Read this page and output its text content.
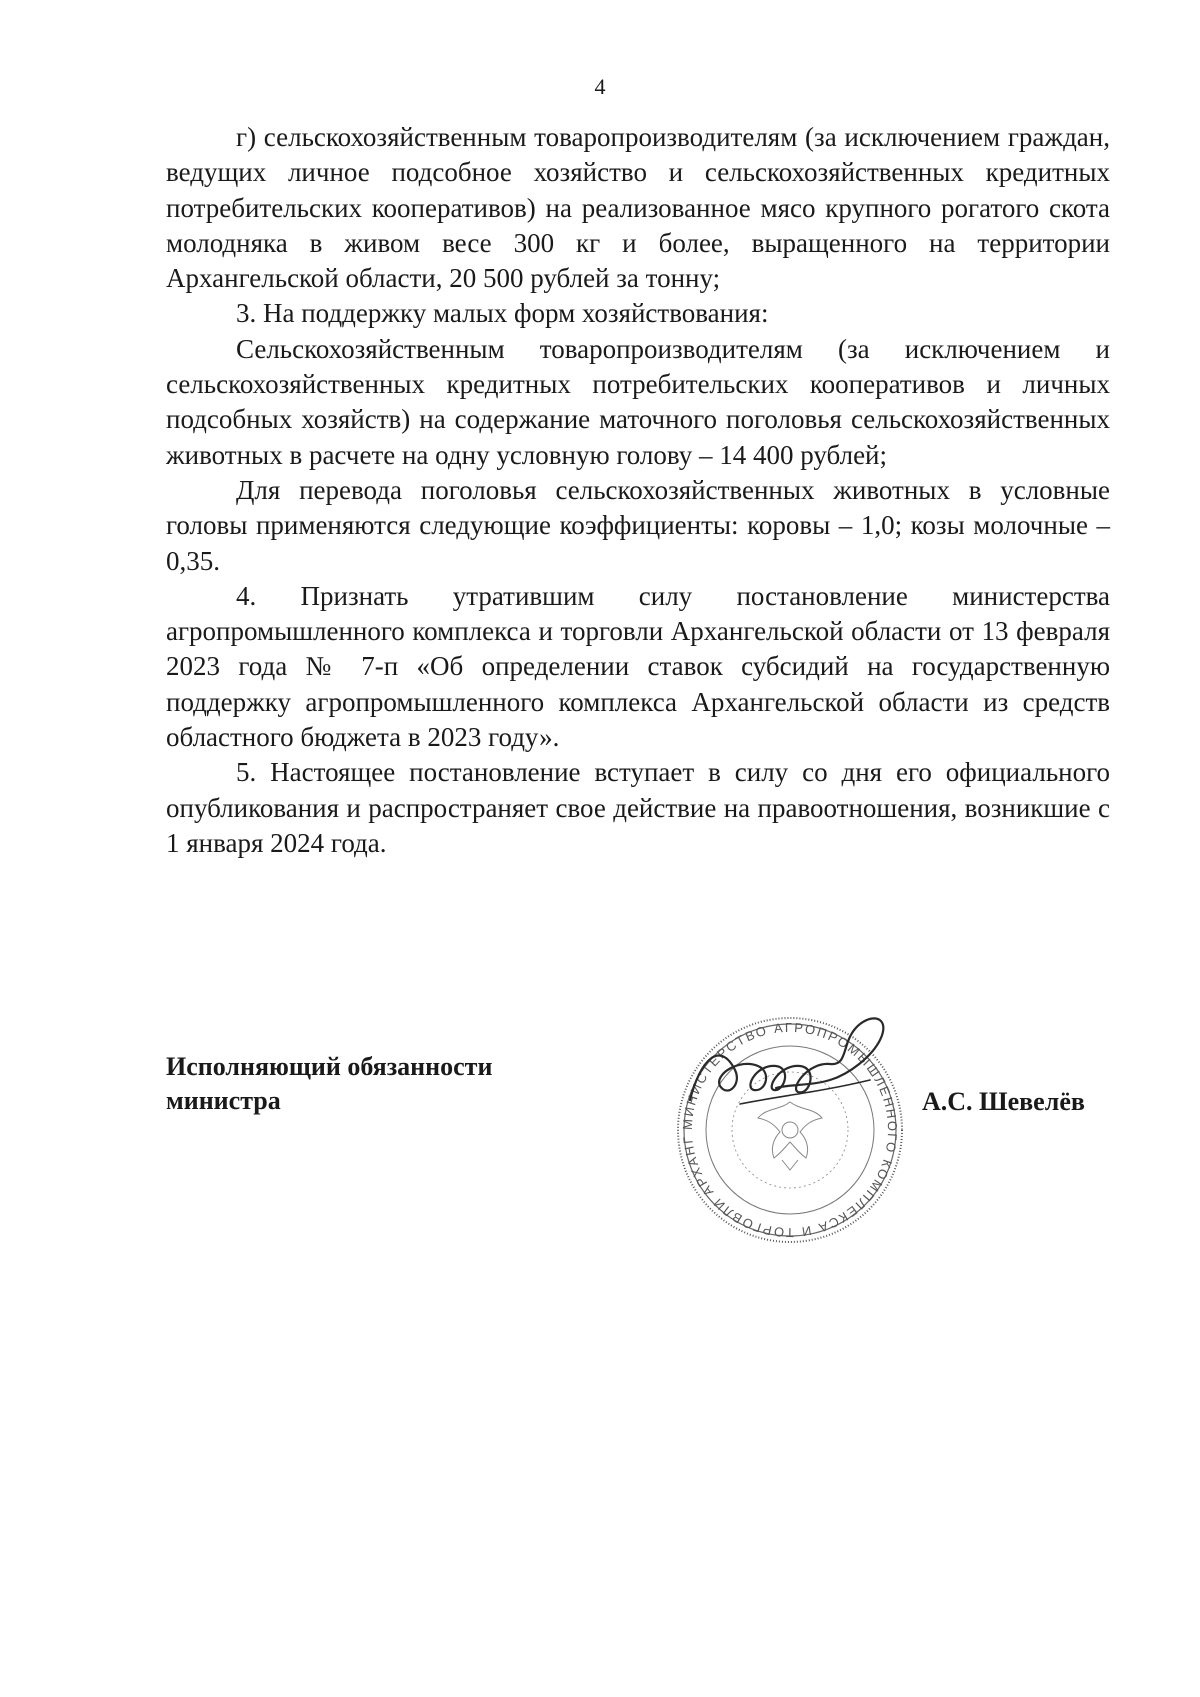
4

г) сельскохозяйственным товаропроизводителям (за исключением граждан, ведущих личное подсобное хозяйство и сельскохозяйственных кредитных потребительских кооперативов) на реализованное мясо крупного рогатого скота молодняка в живом весе 300 кг и более, выращенного на территории Архангельской области, 20 500 рублей за тонну;

3. На поддержку малых форм хозяйствования:

Сельскохозяйственным товаропроизводителям (за исключением и сельскохозяйственных кредитных потребительских кооперативов и личных подсобных хозяйств) на содержание маточного поголовья сельскохозяйственных животных в расчете на одну условную голову – 14 400 рублей;

Для перевода поголовья сельскохозяйственных животных в условные головы применяются следующие коэффициенты: коровы – 1,0; козы молочные – 0,35.

4. Признать утратившим силу постановление министерства агропромышленного комплекса и торговли Архангельской области от 13 февраля 2023 года № 7-п «Об определении ставок субсидий на государственную поддержку агропромышленного комплекса Архангельской области из средств областного бюджета в 2023 году».

5. Настоящее постановление вступает в силу со дня его официального опубликования и распространяет свое действие на правоотношения, возникшие с 1 января 2024 года.

Исполняющий обязанности
министра
МИНИСТЕРСТВО АГРОПРОМЫШЛЕННОГО КОМПЛЕКСА И ТОРГОВЛИ АРХАНГ
А.С. Шевелёв
